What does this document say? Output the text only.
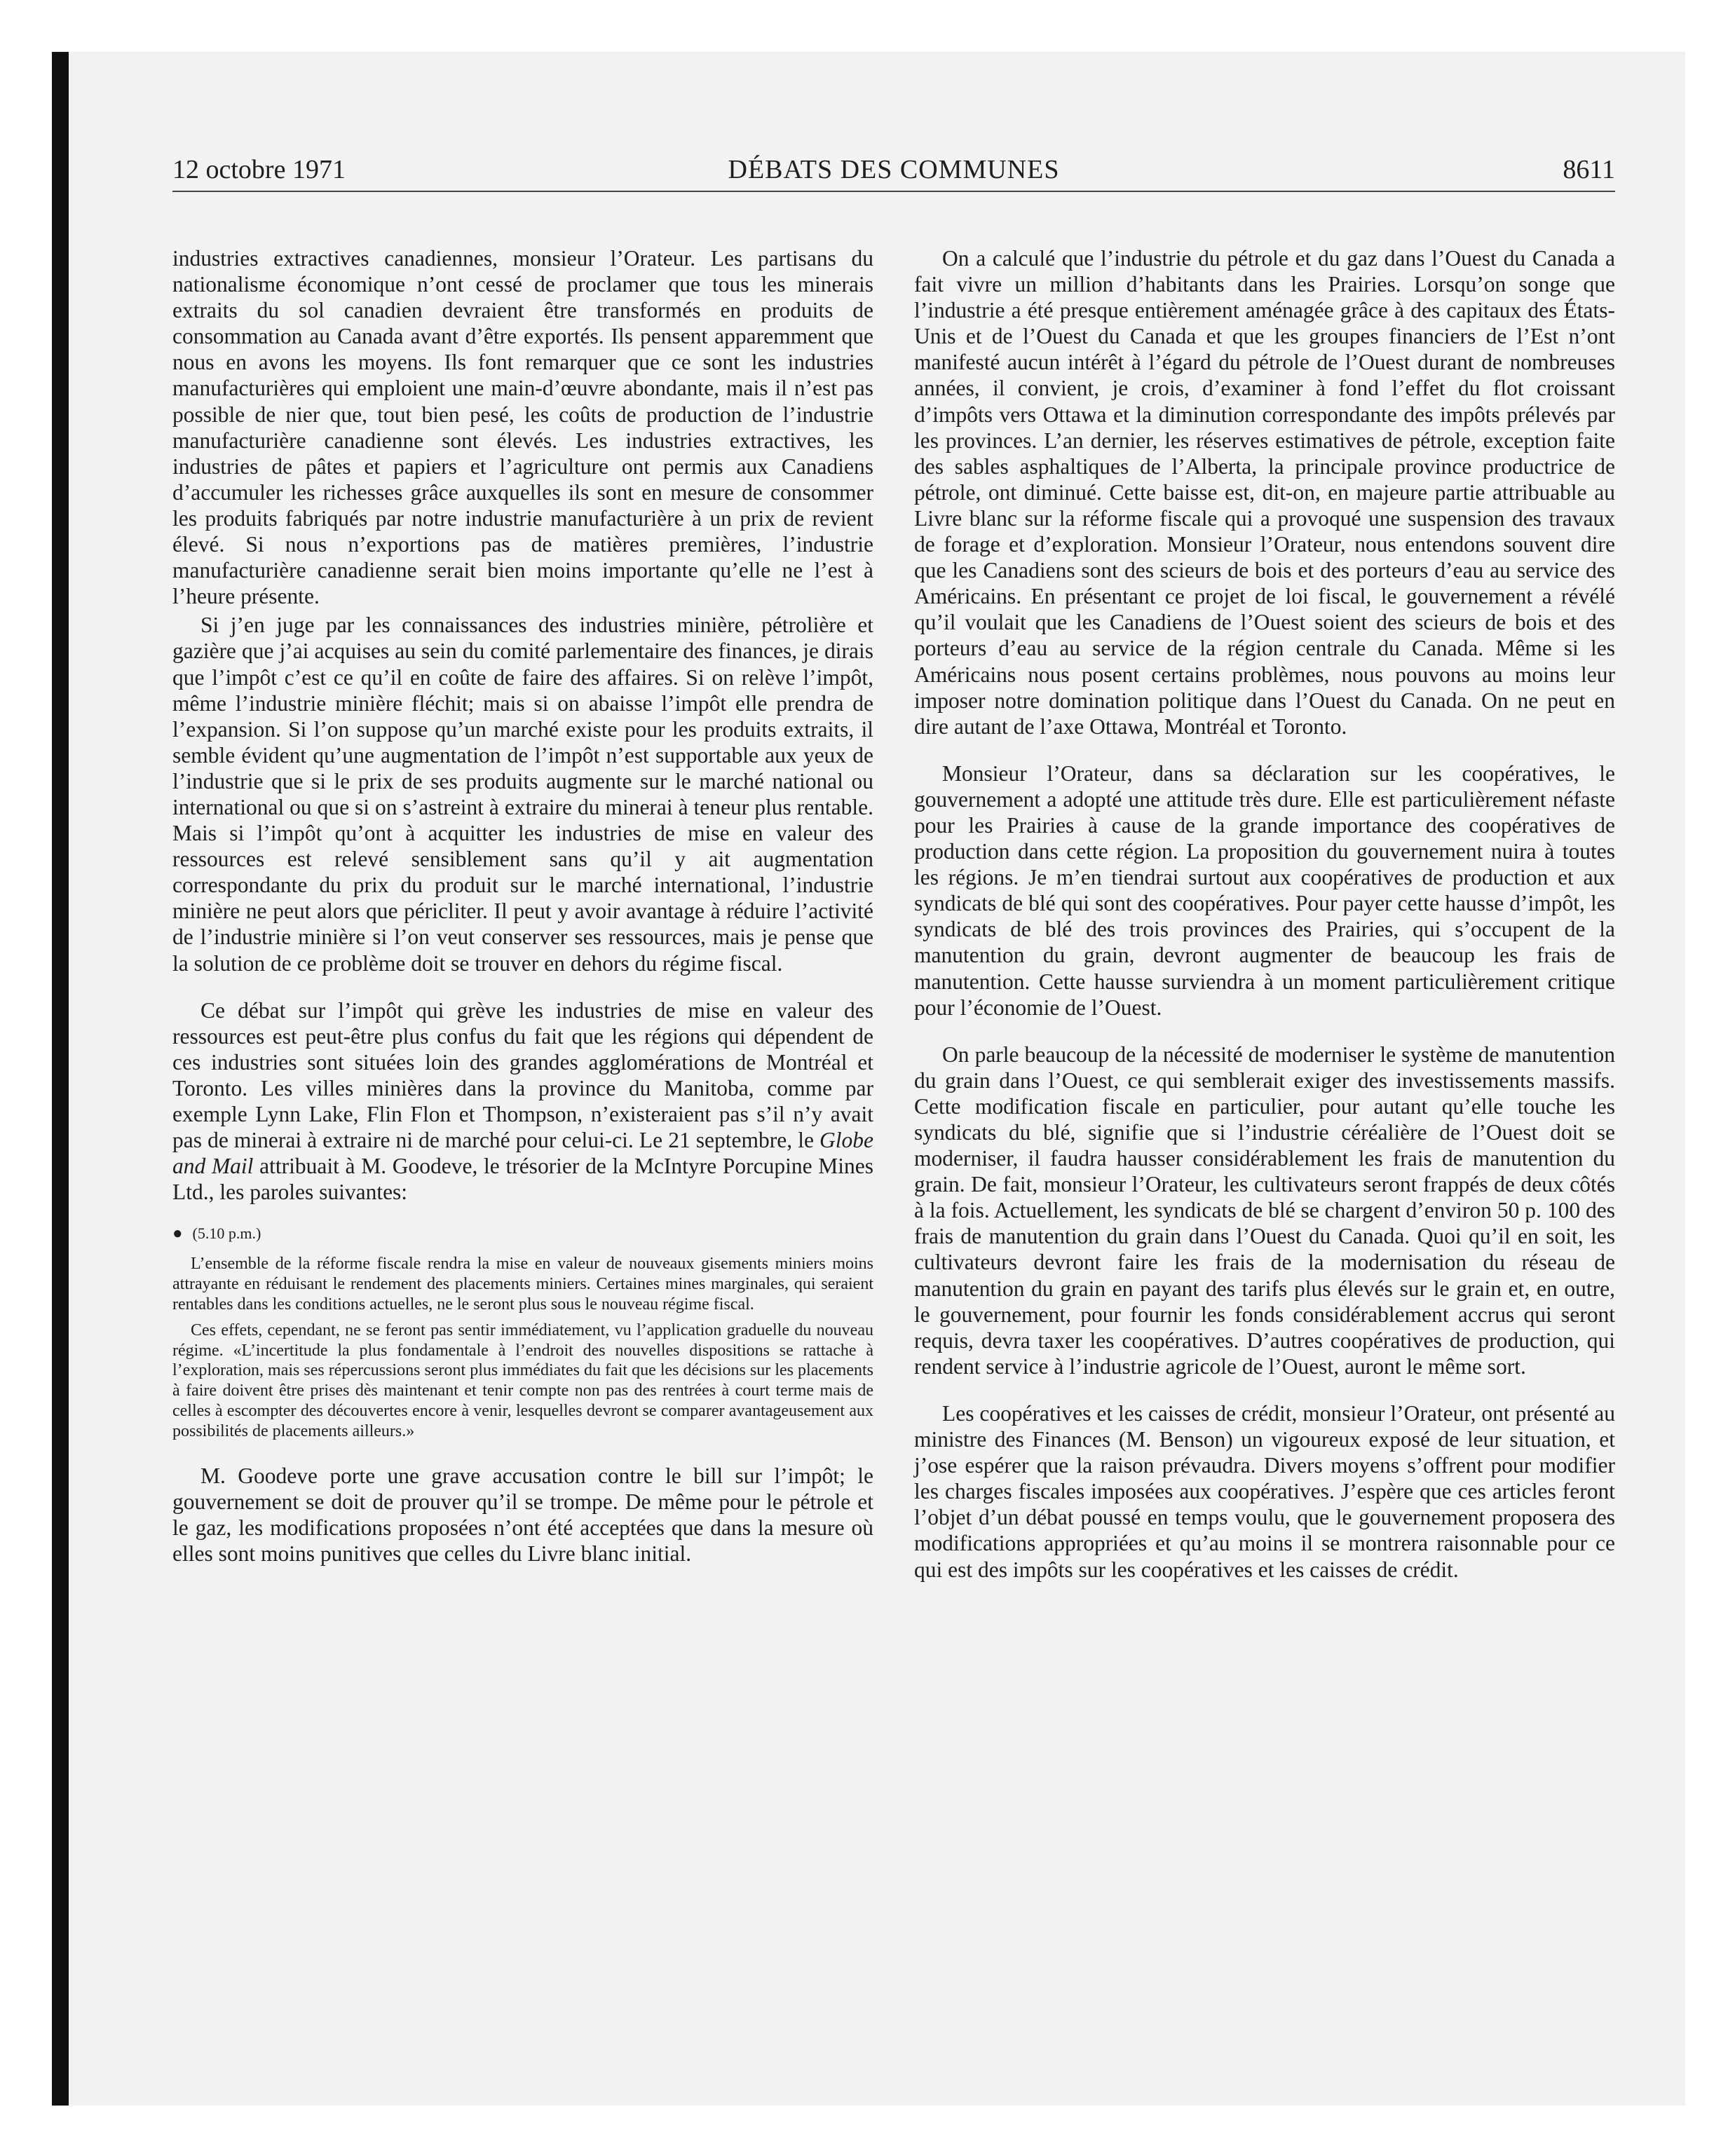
12 octobre 1971	DÉBATS DES COMMUNES	8611

industries extractives canadiennes, monsieur l’Orateur. Les partisans du nationalisme économique n’ont cessé de proclamer que tous les minerais extraits du sol canadien devraient être transformés en produits de consommation au Canada avant d’être exportés. Ils pensent apparemment que nous en avons les moyens. Ils font remarquer que ce sont les industries manufacturières qui emploient une main-d’œuvre abondante, mais il n’est pas possible de nier que, tout bien pesé, les coûts de production de l’industrie manufacturière canadienne sont élevés. Les industries extractives, les industries de pâtes et papiers et l’agriculture ont permis aux Canadiens d’accumuler les richesses grâce auxquelles ils sont en mesure de consommer les produits fabriqués par notre industrie manufacturière à un prix de revient élevé. Si nous n’exportions pas de matières premières, l’industrie manufacturière canadienne serait bien moins importante qu’elle ne l’est à l’heure présente.

Si j’en juge par les connaissances des industries minière, pétrolière et gazière que j’ai acquises au sein du comité parlementaire des finances, je dirais que l’impôt c’est ce qu’il en coûte de faire des affaires. Si on relève l’impôt, même l’industrie minière fléchit; mais si on abaisse l’impôt elle prendra de l’expansion. Si l’on suppose qu’un marché existe pour les produits extraits, il semble évident qu’une augmentation de l’impôt n’est supportable aux yeux de l’industrie que si le prix de ses produits augmente sur le marché national ou international ou que si on s’astreint à extraire du minerai à teneur plus rentable. Mais si l’impôt qu’ont à acquitter les industries de mise en valeur des ressources est relevé sensiblement sans qu’il y ait augmentation correspondante du prix du produit sur le marché international, l’industrie minière ne peut alors que péricliter. Il peut y avoir avantage à réduire l’activité de l’industrie minière si l’on veut conserver ses ressources, mais je pense que la solution de ce problème doit se trouver en dehors du régime fiscal.

Ce débat sur l’impôt qui grève les industries de mise en valeur des ressources est peut-être plus confus du fait que les régions qui dépendent de ces industries sont situées loin des grandes agglomérations de Montréal et Toronto. Les villes minières dans la province du Manitoba, comme par exemple Lynn Lake, Flin Flon et Thompson, n’existeraient pas s’il n’y avait pas de minerai à extraire ni de marché pour celui-ci. Le 21 septembre, le Globe and Mail attribuait à M. Goodeve, le trésorier de la McIntyre Porcupine Mines Ltd., les paroles suivantes:

● (5.10 p.m.)

L’ensemble de la réforme fiscale rendra la mise en valeur de nouveaux gisements miniers moins attrayante en réduisant le rendement des placements miniers. Certaines mines marginales, qui seraient rentables dans les conditions actuelles, ne le seront plus sous le nouveau régime fiscal.

Ces effets, cependant, ne se feront pas sentir immédiatement, vu l’application graduelle du nouveau régime. «L’incertitude la plus fondamentale à l’endroit des nouvelles dispositions se rattache à l’exploration, mais ses répercussions seront plus immédiates du fait que les décisions sur les placements à faire doivent être prises dès maintenant et tenir compte non pas des rentrées à court terme mais de celles à escompter des découvertes encore à venir, lesquelles devront se comparer avantageusement aux possibilités de placements ailleurs.»

M. Goodeve porte une grave accusation contre le bill sur l’impôt; le gouvernement se doit de prouver qu’il se trompe. De même pour le pétrole et le gaz, les modifications proposées n’ont été acceptées que dans la mesure où elles sont moins punitives que celles du Livre blanc initial.

On a calculé que l’industrie du pétrole et du gaz dans l’Ouest du Canada a fait vivre un million d’habitants dans les Prairies. Lorsqu’on songe que l’industrie a été presque entièrement aménagée grâce à des capitaux des États-Unis et de l’Ouest du Canada et que les groupes financiers de l’Est n’ont manifesté aucun intérêt à l’égard du pétrole de l’Ouest durant de nombreuses années, il convient, je crois, d’examiner à fond l’effet du flot croissant d’impôts vers Ottawa et la diminution correspondante des impôts prélevés par les provinces. L’an dernier, les réserves estimatives de pétrole, exception faite des sables asphaltiques de l’Alberta, la principale province productrice de pétrole, ont diminué. Cette baisse est, dit-on, en majeure partie attribuable au Livre blanc sur la réforme fiscale qui a provoqué une suspension des travaux de forage et d’exploration. Monsieur l’Orateur, nous entendons souvent dire que les Canadiens sont des scieurs de bois et des porteurs d’eau au service des Américains. En présentant ce projet de loi fiscal, le gouvernement a révélé qu’il voulait que les Canadiens de l’Ouest soient des scieurs de bois et des porteurs d’eau au service de la région centrale du Canada. Même si les Américains nous posent certains problèmes, nous pouvons au moins leur imposer notre domination politique dans l’Ouest du Canada. On ne peut en dire autant de l’axe Ottawa, Montréal et Toronto.

Monsieur l’Orateur, dans sa déclaration sur les coopératives, le gouvernement a adopté une attitude très dure. Elle est particulièrement néfaste pour les Prairies à cause de la grande importance des coopératives de production dans cette région. La proposition du gouvernement nuira à toutes les régions. Je m’en tiendrai surtout aux coopératives de production et aux syndicats de blé qui sont des coopératives. Pour payer cette hausse d’impôt, les syndicats de blé des trois provinces des Prairies, qui s’occupent de la manutention du grain, devront augmenter de beaucoup les frais de manutention. Cette hausse surviendra à un moment particulièrement critique pour l’économie de l’Ouest.

On parle beaucoup de la nécessité de moderniser le système de manutention du grain dans l’Ouest, ce qui semblerait exiger des investissements massifs. Cette modification fiscale en particulier, pour autant qu’elle touche les syndicats du blé, signifie que si l’industrie céréalière de l’Ouest doit se moderniser, il faudra hausser considérablement les frais de manutention du grain. De fait, monsieur l’Orateur, les cultivateurs seront frappés de deux côtés à la fois. Actuellement, les syndicats de blé se chargent d’environ 50 p. 100 des frais de manutention du grain dans l’Ouest du Canada. Quoi qu’il en soit, les cultivateurs devront faire les frais de la modernisation du réseau de manutention du grain en payant des tarifs plus élevés sur le grain et, en outre, le gouvernement, pour fournir les fonds considérablement accrus qui seront requis, devra taxer les coopératives. D’autres coopératives de production, qui rendent service à l’industrie agricole de l’Ouest, auront le même sort.

Les coopératives et les caisses de crédit, monsieur l’Orateur, ont présenté au ministre des Finances (M. Benson) un vigoureux exposé de leur situation, et j’ose espérer que la raison prévaudra. Divers moyens s’offrent pour modifier les charges fiscales imposées aux coopératives. J’espère que ces articles feront l’objet d’un débat poussé en temps voulu, que le gouvernement proposera des modifications appropriées et qu’au moins il se montrera raisonnable pour ce qui est des impôts sur les coopératives et les caisses de crédit.
